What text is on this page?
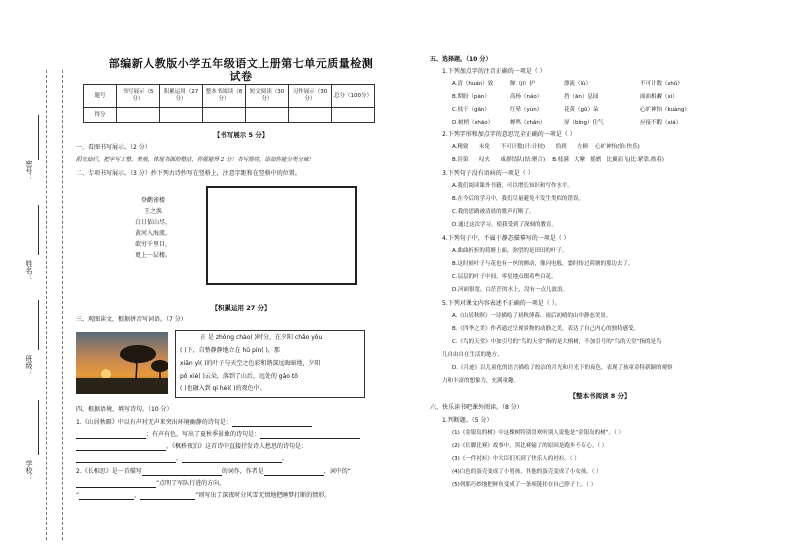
密号：
姓名：
班级：
学校：
部编新人教版小学五年级语文上册第七单元质量检测
试卷
题号	书写展示（5分）	积累运用（27分）	整本书阅读（8分）	短文阅读（30分）	习作展示（30分）	总分（100分）
得分						
【书写展示 5 分】
一、看图书写展示。（2 分）
阳光灿烂，把字写工整、美观，体现书面的整洁，你就能得 2 分！书写漂亮，添加你能分类分域！
二、专项书写展示。（3 分）抄下列古诗抄写在竖格上，注意字距和在竖格中的位置。
登鹳雀楼
王之涣
白日依山尽，
黄河入海流。
欲穷千里目，
更上一层楼。
【积累运用 27 分】
三、观图读文，根据拼音写词语。（7 分）
正 是 zhōng chào( )时分，在夕阳 chǎo yǒu
( )下，自整静静地立在 hū pín( )，那
xiān yì( )的叶子与天空之色彩和谐深远晦暗地，夕阳
pō xiè( )云朵，落到了山后，远处的 gǎo tǒ
( )也融入到 qí hèi( )的夜色中。
四、根据语境，填写诗句。（10 分）
1.《山居秋暝》中以有声衬无声来突出环境幽静的诗句是：
；有声有色，写出了夏秋季景象的诗句是：
。《枫桥夜泊》这首诗中直接抒发诗人愁思的诗句是：
，	。
2.《长相思》是一首描写	的词作，作者是	，词中的“
”点明了军队行进的方向，
“	，	”则写出了深夜时分风雪无情地把睡梦打断的情形。
五、选择题。（10 分）
1.下列加点字的注音正确的一项是（ ）
A.清（huán）致	鲸（jī）护	漂流（lù）	不可计数（shǔ）
B.期盼（pàn）	高杨（náo）	挡（ān）息园	面面相觑（xì）
C.枝干（gān）	红晕（yùn）	花黄（gū）朵	心旷神怡（kuàng）
D.树梢（shāo）	蝉鸣（chǎn）	屏（bǐng）住气	应接不暇（xiá）
2.下列字形和加点字的意思完全正确的一项是（ ）
A.精致 未免 不可计数(计:计较) 恰到 左顾 心旷神怡(怡:快乐)
B.渲染 叹火 咸群结队(结:聚合) B.枝满 大摩 摇磨 比翼而飞(比:紧靠,挨着)
3.下列句子没有语病的一项是（ ）
A.我们阅读课外书籍，可以增长知识和写作水平。
B.在今后的学习中，我们尽量避免不发生类似的错误。
C.我的思路被清晨的歌声打断了。
D.通过这次学习，使我受到了深刻的教育。
4.下列句子中，不属于静态描摹写的一项是（ ）
A.曲曲折折的荷塘上面，弥望的是田田的叶子。
B.这时候叶子与花也有一丝的颤动，像闪电般，霎时传过荷塘的那边去了。
C.层层的叶子中间，零星地点缀着些白花。
D.河面很宽，白茫茫的水上，没有一点儿波浪。
5.下列对课文内容表述不正确的一项是（ ）。
A.《山居秋暝》一诗描绘了初秋薄暮、雨后初晴的山中静态美景。
B.《四季之美》作者通过呈现景物的动静之美，表达了自己内心的独特感受。
C.《鸟的天堂》中加引号的“鸟的天堂”指的是大榕树，不加引号的“鸟的天堂”指的是鸟
儿自由自在生活的地方。
D.《月迹》以儿童化的语言描绘了皎洁的月光和月光下的夜色，表现了孩童奇特新颖的观察
力和丰富的想象力，充满童趣。
【整本书阅读 8 分】
六、快乐读书吧课外阅读。（8 分）
1.判断题。（5 分）
(1)《金银岛的树》中这棵树特别喜欢听别人说他是“金银岛的树”。（ ）
(2)《长脚比赛》故事中，黑比赛输了的原因是跑步不专心。（ ）
(3)《一件衬衫》中大臣们买到了快乐人的衬衫。（ ）
(4)白色的蛋壳变成了小男孩，其他的蛋壳变成了小女孩。（ ）
(5)列那巧妙地把鲜鱼变成了一条项链挂在自己脖子上。（ ）
